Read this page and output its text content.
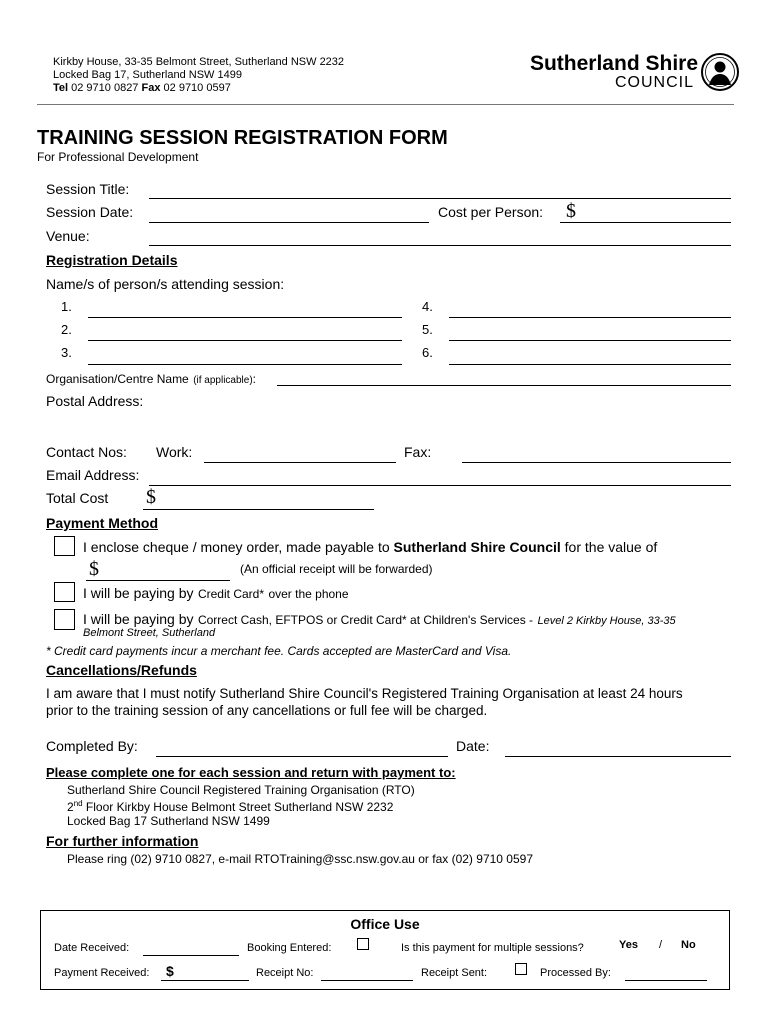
Kirkby House, 33-35 Belmont Street, Sutherland NSW 2232
Locked Bag 17, Sutherland NSW 1499
Tel 02 9710 0827 Fax 02 9710 0597
Sutherland Shire
COUNCIL
TRAINING SESSION REGISTRATION FORM
For Professional Development
Session Title:
Session Date:	Cost per Person: $
Venue:
Registration Details
Name/s of person/s attending session:
1.
2.
3.
4.
5.
6.
Organisation/Centre Name (if applicable):
Postal Address:
Contact Nos: Work:	Fax:
Email Address:
Total Cost $
Payment Method
I enclose cheque / money order, made payable to Sutherland Shire Council for the value of
$	(An official receipt will be forwarded)
I will be paying by Credit Card* over the phone
I will be paying by Correct Cash, EFTPOS or Credit Card* at Children's Services - Level 2 Kirkby House, 33-35
Belmont Street, Sutherland
* Credit card payments incur a merchant fee. Cards accepted are MasterCard and Visa.
Cancellations/Refunds
I am aware that I must notify Sutherland Shire Council's Registered Training Organisation at least 24 hours
prior to the training session of any cancellations or full fee will be charged.
Completed By:	Date:
Please complete one for each session and return with payment to:
Sutherland Shire Council Registered Training Organisation (RTO)
2nd Floor Kirkby House Belmont Street Sutherland NSW 2232
Locked Bag 17 Sutherland NSW 1499
For further information
Please ring (02) 9710 0827, e-mail RTOTraining@ssc.nsw.gov.au or fax (02) 9710 0597
Office Use
Date Received:	Booking Entered:	Is this payment for multiple sessions?	Yes / No
Payment Received: $	Receipt No:	Receipt Sent:	Processed By:
